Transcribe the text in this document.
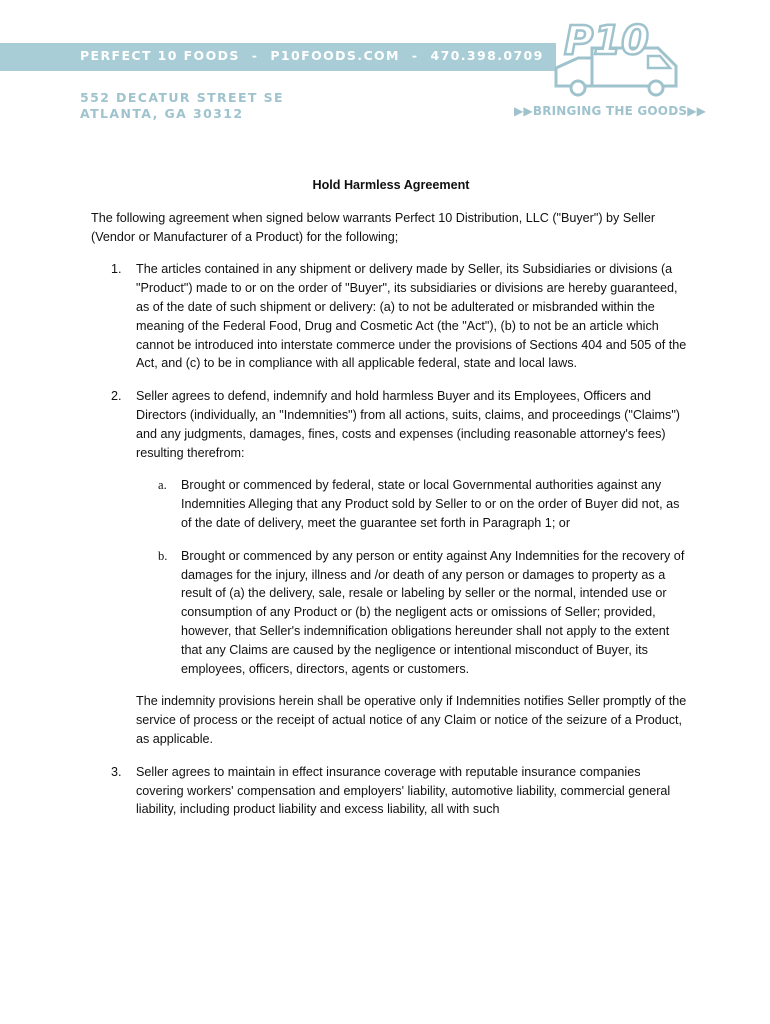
PERFECT 10 FOODS - P10FOODS.COM - 470.398.0709
552 DECATUR STREET SE
ATLANTA, GA 30312
P10
▶▶BRINGING THE GOODS▶▶
Hold Harmless Agreement
The following agreement when signed below warrants Perfect 10 Distribution, LLC ("Buyer") by Seller (Vendor or Manufacturer of a Product) for the following;
1. The articles contained in any shipment or delivery made by Seller, its Subsidiaries or divisions (a "Product") made to or on the order of "Buyer", its subsidiaries or divisions are hereby guaranteed, as of the date of such shipment or delivery: (a) to not be adulterated or misbranded within the meaning of the Federal Food, Drug and Cosmetic Act (the "Act"), (b) to not be an article which cannot be introduced into interstate commerce under the provisions of Sections 404 and 505 of the Act, and (c) to be in compliance with all applicable federal, state and local laws.
2. Seller agrees to defend, indemnify and hold harmless Buyer and its Employees, Officers and Directors (individually, an "Indemnities") from all actions, suits, claims, and proceedings ("Claims") and any judgments, damages, fines, costs and expenses (including reasonable attorney's fees) resulting therefrom:
a. Brought or commenced by federal, state or local Governmental authorities against any Indemnities Alleging that any Product sold by Seller to or on the order of Buyer did not, as of the date of delivery, meet the guarantee set forth in Paragraph 1; or
b. Brought or commenced by any person or entity against Any Indemnities for the recovery of damages for the injury, illness and /or death of any person or damages to property as a result of (a) the delivery, sale, resale or labeling by seller or the normal, intended use or consumption of any Product or (b) the negligent acts or omissions of Seller; provided, however, that Seller's indemnification obligations hereunder shall not apply to the extent that any Claims are caused by the negligence or intentional misconduct of Buyer, its employees, officers, directors, agents or customers.
The indemnity provisions herein shall be operative only if Indemnities notifies Seller promptly of the service of process or the receipt of actual notice of any Claim or notice of the seizure of a Product, as applicable.
3. Seller agrees to maintain in effect insurance coverage with reputable insurance companies covering workers' compensation and employers' liability, automotive liability, commercial general liability, including product liability and excess liability, all with such
